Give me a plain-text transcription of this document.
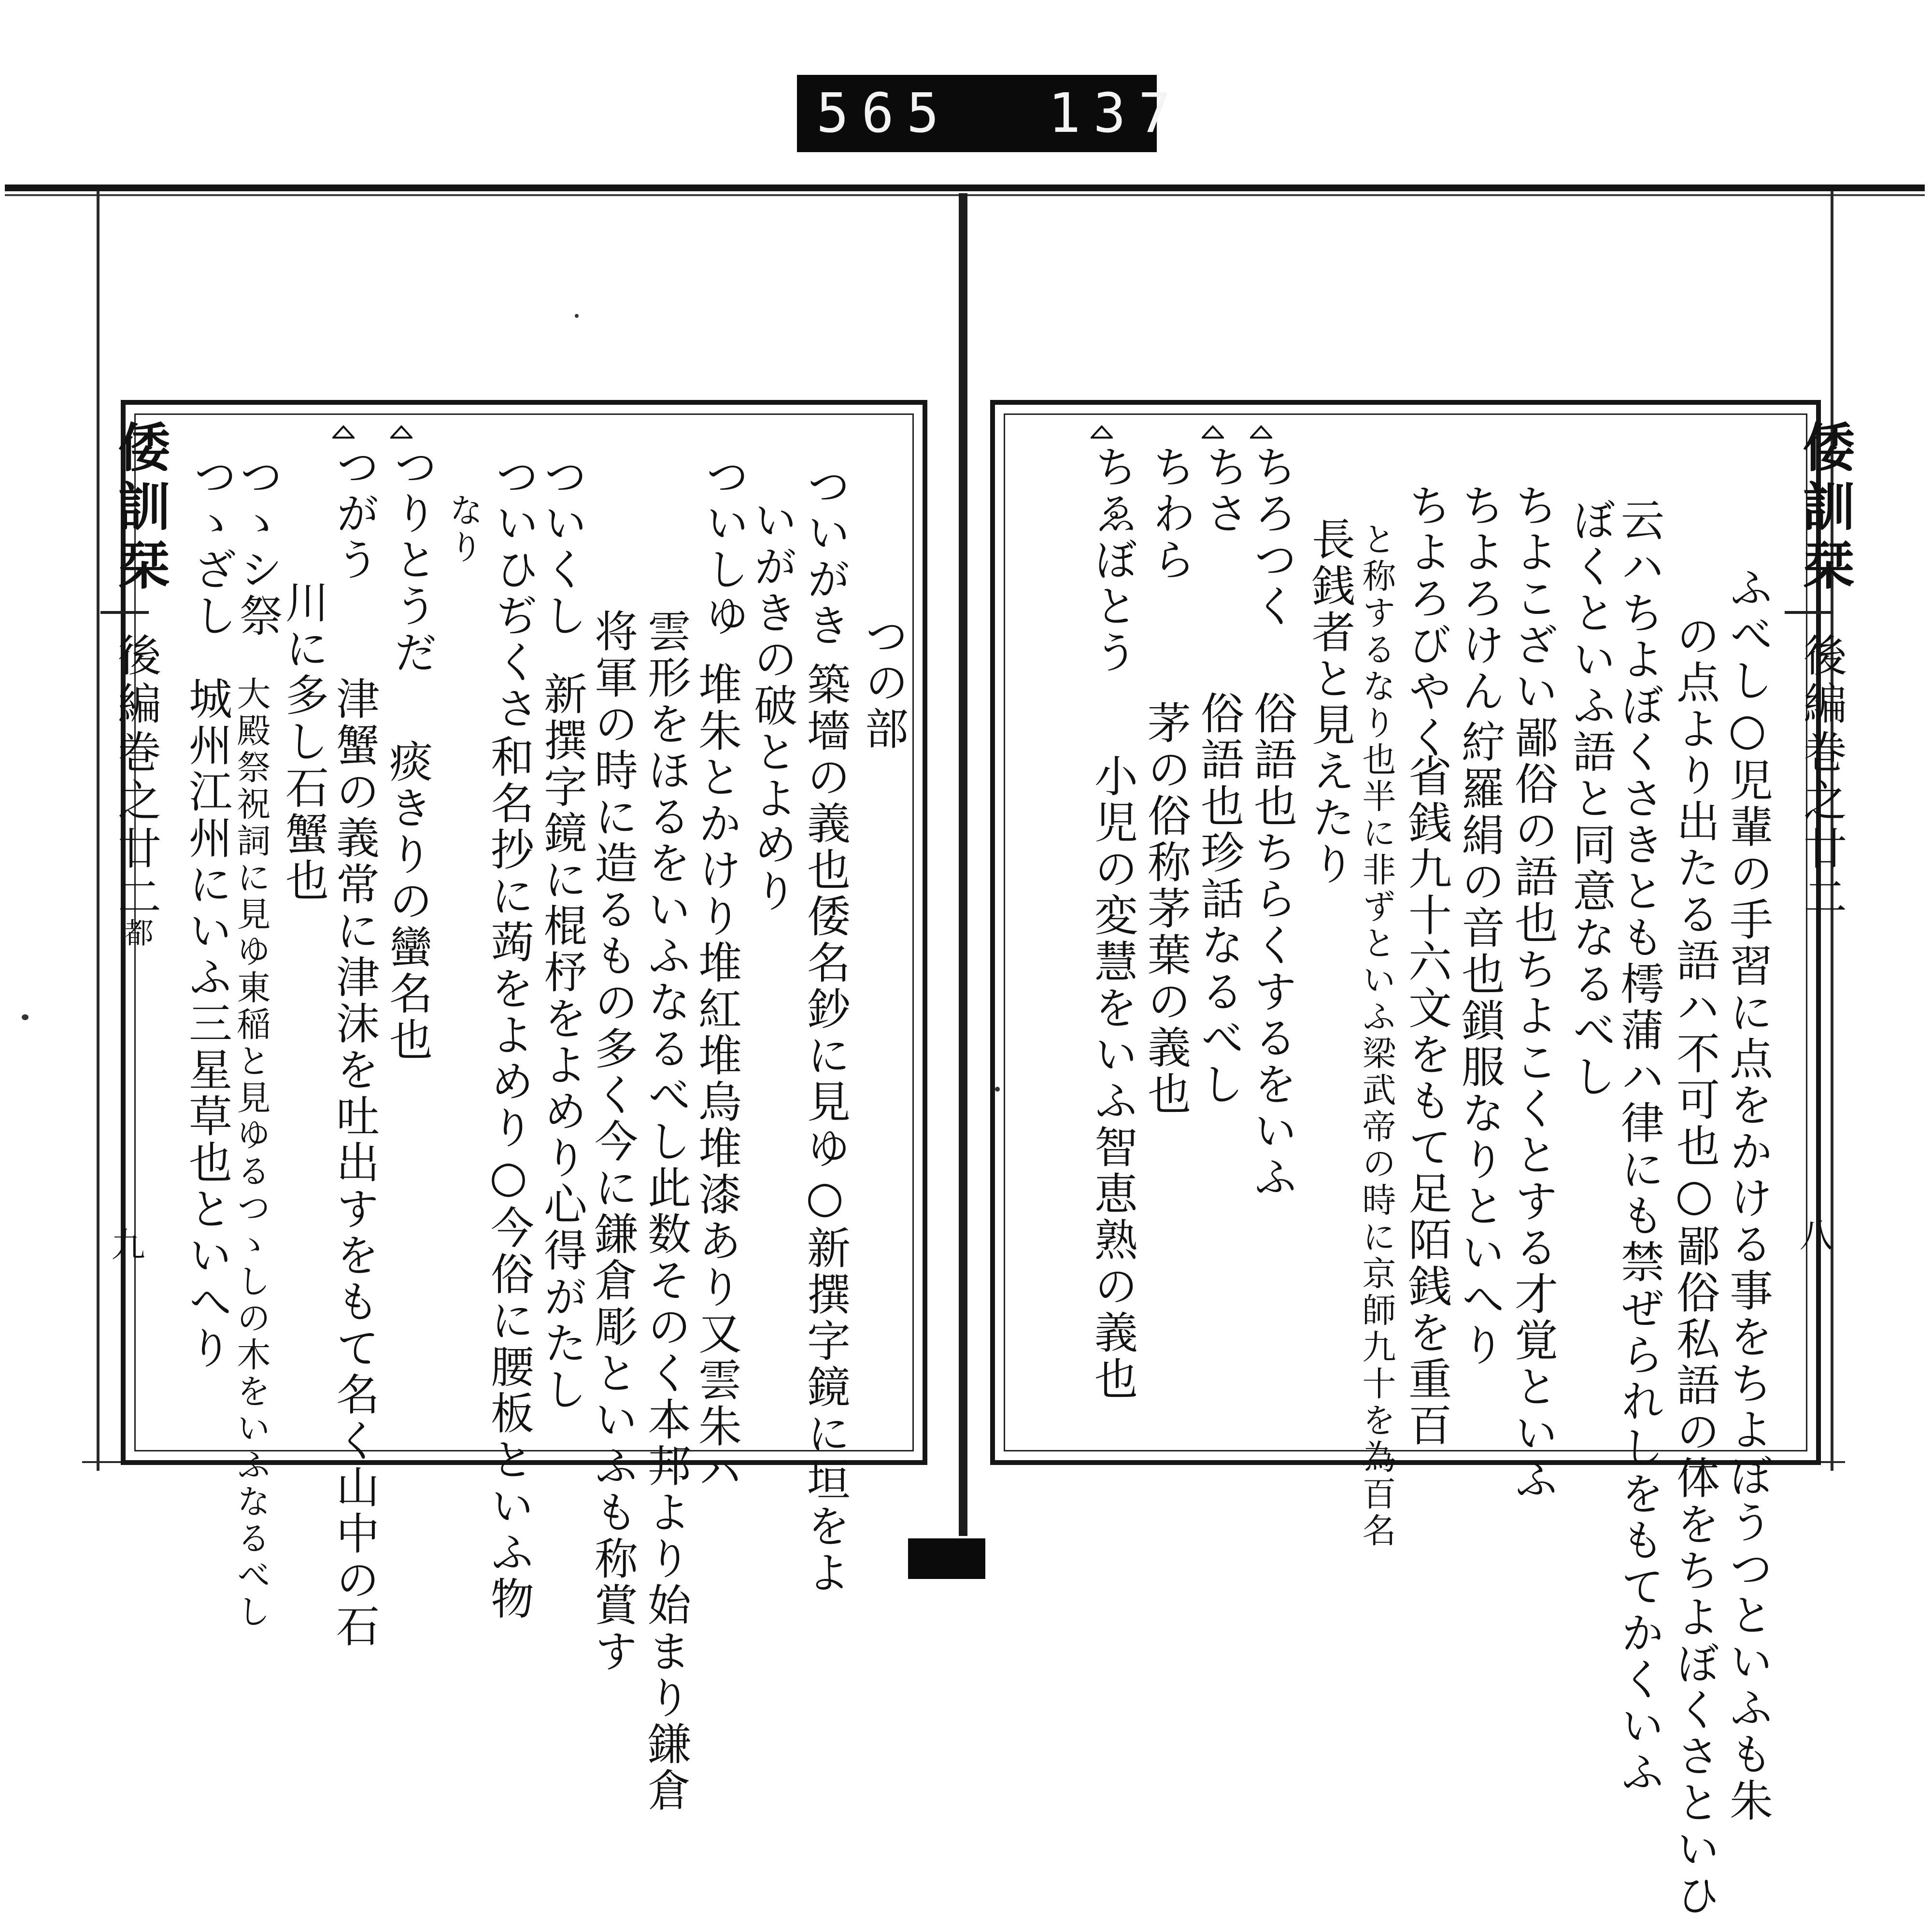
565 137
倭訓栞
後編巻之廿二
都
九
つの部
ついがき
築墻の義也倭名鈔に見ゆ○新撰字鏡に垣をよ
いがきの破とよめり
ついしゆ
堆朱とかけり堆紅堆烏堆漆あり又雲朱ハ
雲形をほるをいふなるべし此数そのく本邦より始まり鎌倉
将軍の時に造るもの多く今に鎌倉彫といふも称賞す
ついくし
新撰字鏡に棍杼をよめり心得がたし
ついひぢくさ
和名抄に蒟をよめり○今俗に腰板といふ物
なり
つりとうだ
痰きりの蠻名也
つがう
津蟹の義常に津沫を吐出すをもて名く山中の石
川に多し石蟹也
つゝシ祭
大殿祭祝詞に見ゆ東稲と見ゆるつゝしの木をいふなるべし
つゝざし
城州江州にいふ三星草也といへり
倭訓栞
後編巻之廿二
八
ふべし○児輩の手習に点をかける事をちよぼうつといふも朱
の点より出たる語ハ不可也○鄙俗私語の体をちよぼくさといひ
云ハちよぼくさきとも樗蒲ハ律にも禁ぜられしをもてかくいふ
ぼくといふ語と同意なるべし
ちよこざい
鄙俗の語也ちよこくとする才覚といふ
ちよろけん
紵羅絹の音也鎖服なりといへり
ちよろびやく
省銭九十六文をもて足陌銭を重百
と称するなり也半に非ずといふ梁武帝の時に京師九十を為百名
長銭者と見えたり
ちろつく
俗語也ちらくするをいふ
ちさ
俗語也珍話なるべし
ちわら
茅の俗称茅葉の義也
ちゑぼとう
小児の変慧をいふ智恵熟の義也
